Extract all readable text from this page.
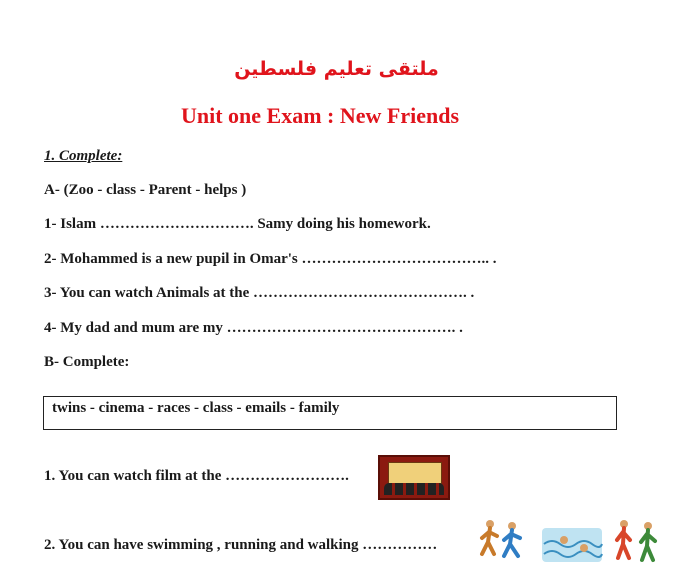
ملتقى تعليم فلسطين
Unit one Exam : New Friends
1. Complete:
A- (Zoo - class - Parent - helps )
1- Islam …………………………. Samy doing his homework.
2- Mohammed is a new pupil in Omar's ……………………………….. .
3- You can watch Animals at the ……………………………………. .
4- My dad and mum are my ………………………………………. .
B- Complete:
twins - cinema - races - class - emails - family
1. You can watch film at the …………………….
2. You can have swimming , running and walking ……………
